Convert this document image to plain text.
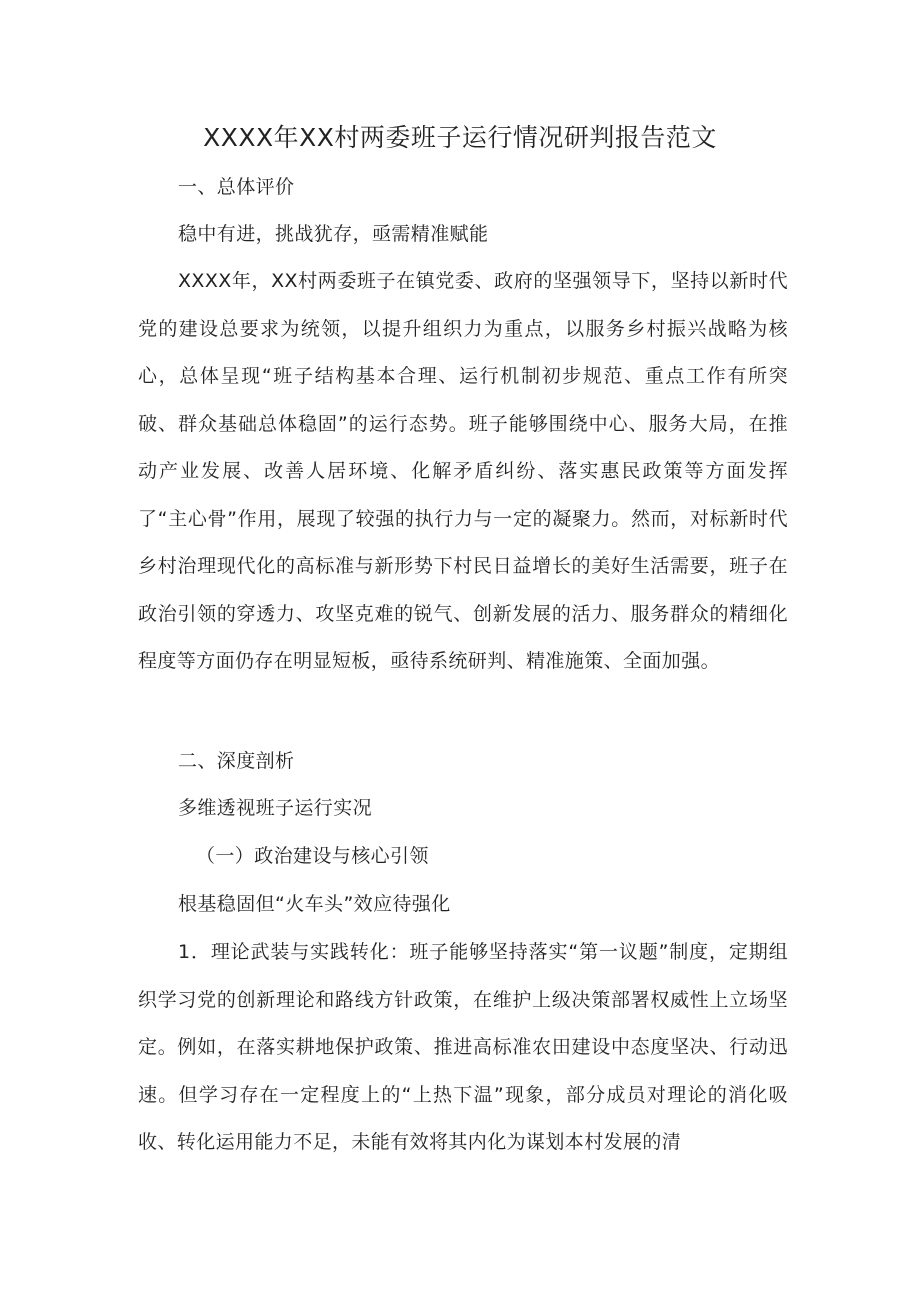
XXXX年XX村两委班子运行情况研判报告范文
一、总体评价
稳中有进，挑战犹存，亟需精准赋能
XXXX年，XX村两委班子在镇党委、政府的坚强领导下，坚持以新时代党的建设总要求为统领，以提升组织力为重点，以服务乡村振兴战略为核心，总体呈现“班子结构基本合理、运行机制初步规范、重点工作有所突破、群众基础总体稳固”的运行态势。班子能够围绕中心、服务大局，在推动产业发展、改善人居环境、化解矛盾纠纷、落实惠民政策等方面发挥了“主心骨”作用，展现了较强的执行力与一定的凝聚力。然而，对标新时代乡村治理现代化的高标准与新形势下村民日益增长的美好生活需要，班子在政治引领的穿透力、攻坚克难的锐气、创新发展的活力、服务群众的精细化程度等方面仍存在明显短板，亟待系统研判、精准施策、全面加强。
二、深度剖析
多维透视班子运行实况
（一）政治建设与核心引领
根基稳固但“火车头”效应待强化
1．理论武装与实践转化：班子能够坚持落实“第一议题”制度，定期组织学习党的创新理论和路线方针政策，在维护上级决策部署权威性上立场坚定。例如，在落实耕地保护政策、推进高标准农田建设中态度坚决、行动迅速。但学习存在一定程度上的“上热下温”现象，部分成员对理论的消化吸收、转化运用能力不足，未能有效将其内化为谋划本村发展的清
